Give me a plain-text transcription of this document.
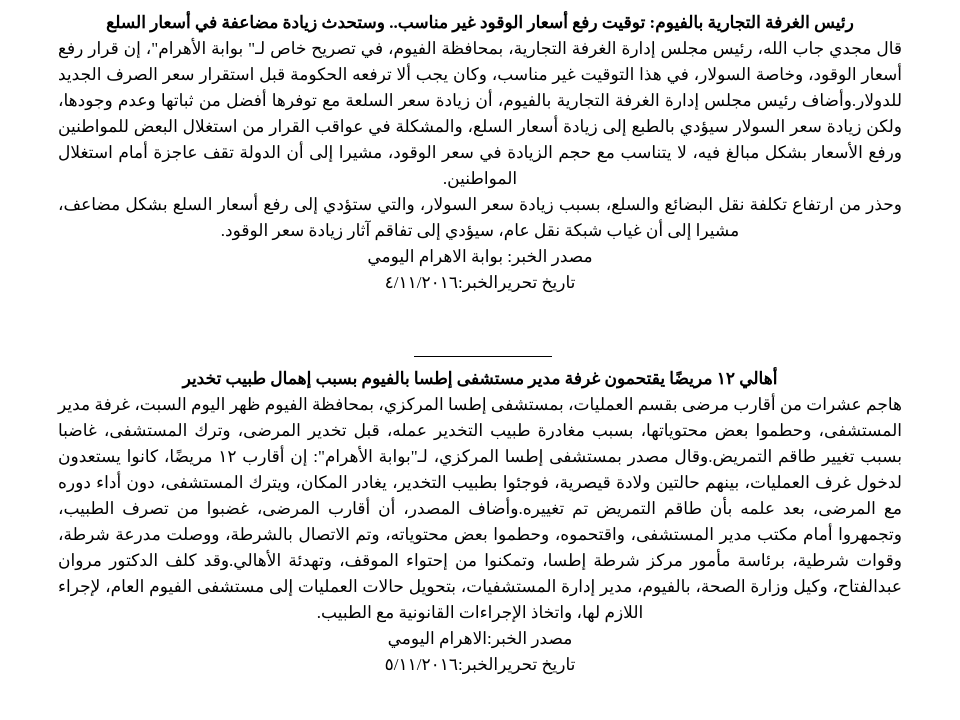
رئيس الغرفة التجارية بالفيوم: توقيت رفع أسعار الوقود غير مناسب.. وستحدث زيادة مضاعفة في أسعار السلع

قال مجدي جاب الله، رئيس مجلس إدارة الغرفة التجارية، بمحافظة الفيوم، في تصريح خاص لـ" بوابة الأهرام"، إن قرار رفع أسعار الوقود، وخاصة السولار، في هذا التوقيت غير مناسب، وكان يجب ألا ترفعه الحكومة قبل استقرار سعر الصرف الجديد للدولار.وأضاف رئيس مجلس إدارة الغرفة التجارية بالفيوم، أن زيادة سعر السلعة مع توفرها أفضل من ثباتها وعدم وجودها، ولكن زيادة سعر السولار سيؤدي بالطبع إلى زيادة أسعار السلع، والمشكلة في عواقب القرار من استغلال البعض للمواطنين ورفع الأسعار بشكل مبالغ فيه، لا يتناسب مع حجم الزيادة في سعر الوقود، مشيرا إلى أن الدولة تقف عاجزة أمام استغلال المواطنين.

وحذر من ارتفاع تكلفة نقل البضائع والسلع، بسبب زيادة سعر السولار، والتي ستؤدي إلى رفع أسعار السلع بشكل مضاعف، مشيرا إلى أن غياب شبكة نقل عام، سيؤدي إلى تفاقم آثار زيادة سعر الوقود.

مصدر الخبر: بوابة الاهرام اليومي

تاريخ تحريرالخبر:٤/١١/٢٠١٦

أهالي ١٢ مريضًا يقتحمون غرفة مدير مستشفى إطسا بالفيوم بسبب إهمال طبيب تخدير

هاجم عشرات من أقارب مرضى بقسم العمليات، بمستشفى إطسا المركزي، بمحافظة الفيوم ظهر اليوم السبت، غرفة مدير المستشفى، وحطموا بعض محتوياتها، بسبب مغادرة طبيب التخدير عمله، قبل تخدير المرضى، وترك المستشفى، غاضبا بسبب تغيير طاقم التمريض.وقال مصدر بمستشفى إطسا المركزي، لـ"بوابة الأهرام": إن أقارب ١٢ مريضًا، كانوا يستعدون لدخول غرف العمليات، بينهم حالتين ولادة قيصرية، فوجئوا بطبيب التخدير، يغادر المكان، ويترك المستشفى، دون أداء دوره مع المرضى، بعد علمه بأن طاقم التمريض تم تغييره.وأضاف المصدر، أن أقارب المرضى، غضبوا من تصرف الطبيب، وتجمهروا أمام مكتب مدير المستشفى، واقتحموه، وحطموا بعض محتوياته، وتم الاتصال بالشرطة، ووصلت مدرعة شرطة، وقوات شرطية، برئاسة مأمور مركز شرطة إطسا، وتمكنوا من إحتواء الموقف، وتهدئة الأهالي.وقد كلف الدكتور مروان عبدالفتاح، وكيل وزارة الصحة، بالفيوم، مدير إدارة المستشفيات، بتحويل حالات العمليات إلى مستشفى الفيوم العام، لإجراء اللازم لها، واتخاذ الإجراءات القانونية مع الطبيب.

مصدر الخبر:الاهرام اليومي

تاريخ تحريرالخبر:٥/١١/٢٠١٦
